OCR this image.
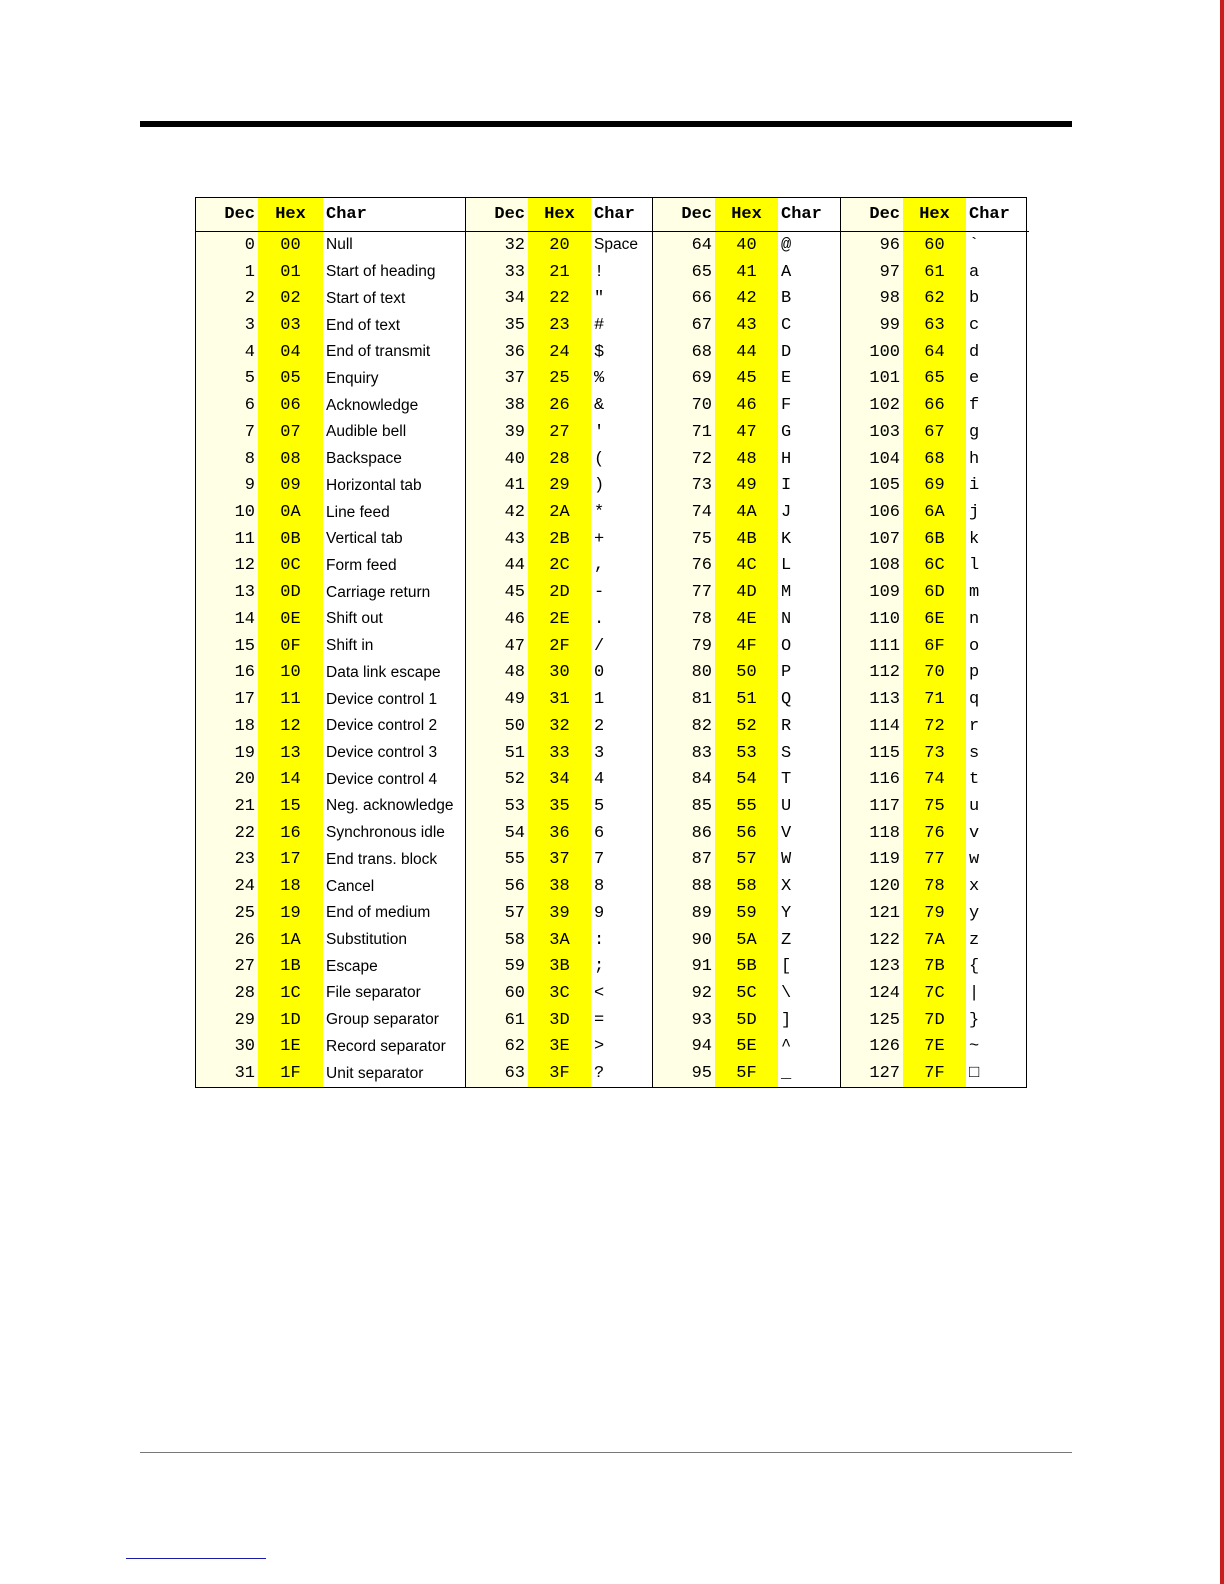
Dec	Hex	Char
0	00	Null
1	01	Start of heading
2	02	Start of text
3	03	End of text
4	04	End of transmit
5	05	Enquiry
6	06	Acknowledge
7	07	Audible bell
8	08	Backspace
9	09	Horizontal tab
10	0A	Line feed
11	0B	Vertical tab
12	0C	Form feed
13	0D	Carriage return
14	0E	Shift out
15	0F	Shift in
16	10	Data link escape
17	11	Device control 1
18	12	Device control 2
19	13	Device control 3
20	14	Device control 4
21	15	Neg. acknowledge
22	16	Synchronous idle
23	17	End trans. block
24	18	Cancel
25	19	End of medium
26	1A	Substitution
27	1B	Escape
28	1C	File separator
29	1D	Group separator
30	1E	Record separator
31	1F	Unit separator
Dec	Hex	Char
32	20	Space
33	21	!
34	22	"
35	23	#
36	24	$
37	25	%
38	26	&
39	27	'
40	28	(
41	29	)
42	2A	*
43	2B	+
44	2C	,
45	2D	-
46	2E	.
47	2F	/
48	30	0
49	31	1
50	32	2
51	33	3
52	34	4
53	35	5
54	36	6
55	37	7
56	38	8
57	39	9
58	3A	:
59	3B	;
60	3C	<
61	3D	=
62	3E	>
63	3F	?
Dec	Hex	Char
64	40	@
65	41	A
66	42	B
67	43	C
68	44	D
69	45	E
70	46	F
71	47	G
72	48	H
73	49	I
74	4A	J
75	4B	K
76	4C	L
77	4D	M
78	4E	N
79	4F	O
80	50	P
81	51	Q
82	52	R
83	53	S
84	54	T
85	55	U
86	56	V
87	57	W
88	58	X
89	59	Y
90	5A	Z
91	5B	[
92	5C	\
93	5D	]
94	5E	^
95	5F	_
Dec	Hex	Char
96	60	`
97	61	a
98	62	b
99	63	c
100	64	d
101	65	e
102	66	f
103	67	g
104	68	h
105	69	i
106	6A	j
107	6B	k
108	6C	l
109	6D	m
110	6E	n
111	6F	o
112	70	p
113	71	q
114	72	r
115	73	s
116	74	t
117	75	u
118	76	v
119	77	w
120	78	x
121	79	y
122	7A	z
123	7B	{
124	7C	|
125	7D	}
126	7E	~
127	7F	□
